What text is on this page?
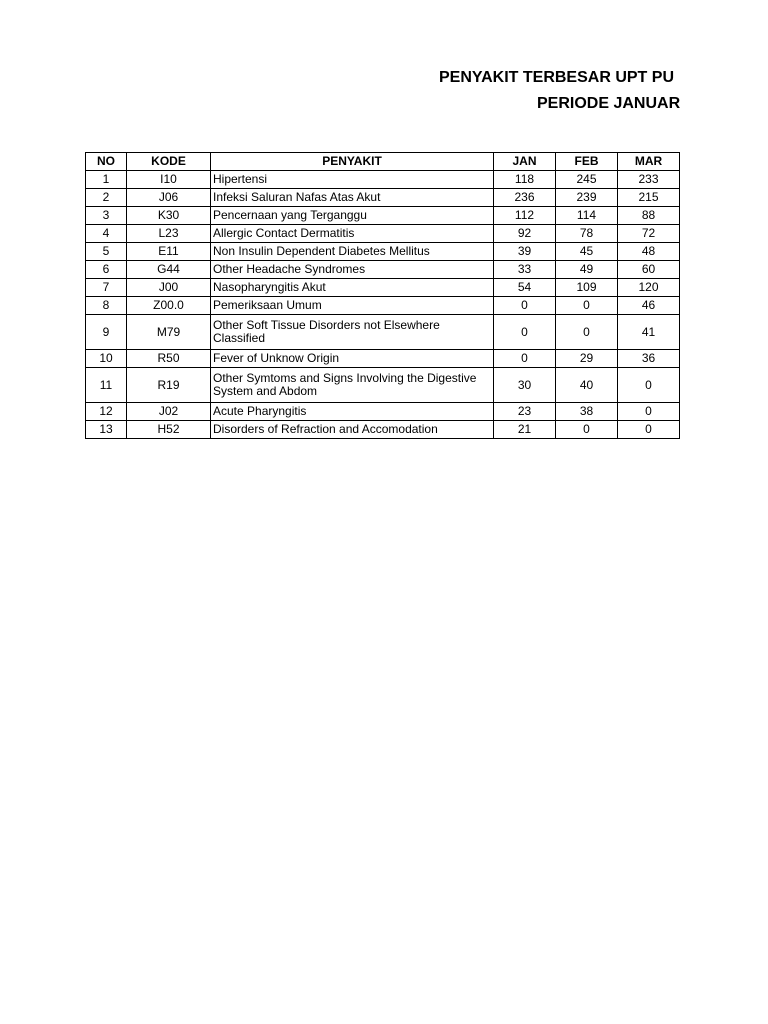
PENYAKIT TERBESAR UPT PU
PERIODE JANUAR
NO	KODE	PENYAKIT	JAN	FEB	MAR
1	I10	Hipertensi	118	245	233
2	J06	Infeksi Saluran Nafas Atas Akut	236	239	215
3	K30	Pencernaan yang Terganggu	112	114	88
4	L23	Allergic Contact Dermatitis	92	78	72
5	E11	Non Insulin Dependent Diabetes Mellitus	39	45	48
6	G44	Other Headache Syndromes	33	49	60
7	J00	Nasopharyngitis Akut	54	109	120
8	Z00.0	Pemeriksaan Umum	0	0	46
9	M79	Other Soft Tissue Disorders not Elsewhere Classified	0	0	41
10	R50	Fever of Unknow Origin	0	29	36
11	R19	Other Symtoms and Signs Involving the Digestive System and Abdom	30	40	0
12	J02	Acute Pharyngitis	23	38	0
13	H52	Disorders of Refraction and Accomodation	21	0	0
